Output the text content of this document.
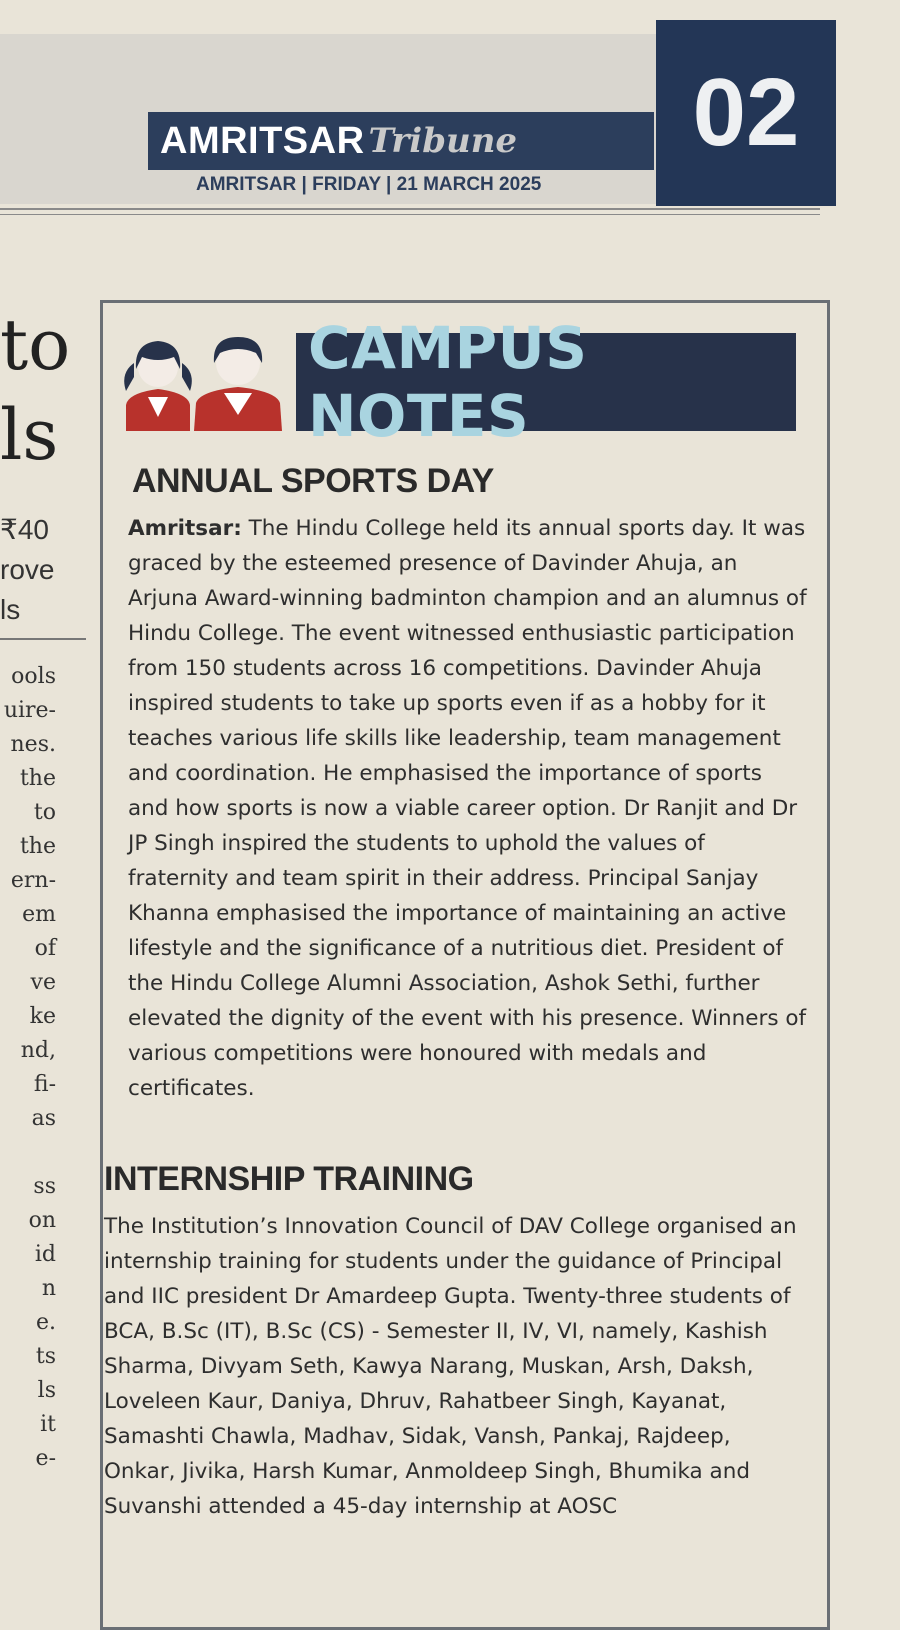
AMRITSAR Tribune
AMRITSAR | FRIDAY | 21 MARCH 2025
02
to
ls
₹40
rove
ls
ools
uire-
nes.
the
to
the
ern-
em
of
ve
ke
nd,
fi-
as
ss
on
id
n
e.
ts
ls
it
e-
CAMPUS NOTES
ANNUAL SPORTS DAY

Amritsar: The Hindu College held its annual sports day. It was graced by the esteemed presence of Davinder Ahuja, an Arjuna Award-winning badminton champion and an alumnus of Hindu College. The event witnessed enthusiastic participation from 150 students across 16 competitions. Davinder Ahuja inspired students to take up sports even if as a hobby for it teaches various life skills like leadership, team management and coordination. He emphasised the importance of sports and how sports is now a viable career option. Dr Ranjit and Dr JP Singh inspired the students to uphold the values of fraternity and team spirit in their address. Principal Sanjay Khanna emphasised the importance of maintaining an active lifestyle and the significance of a nutritious diet. President of the Hindu College Alumni Association, Ashok Sethi, further elevated the dignity of the event with his presence. Winners of various competitions were honoured with medals and certificates.

INTERNSHIP TRAINING

The Institution’s Innovation Council of DAV College organised an internship training for students under the guidance of Principal and IIC president Dr Amardeep Gupta. Twenty-three students of BCA, B.Sc (IT), B.Sc (CS) - Semester II, IV, VI, namely, Kashish Sharma, Divyam Seth, Kawya Narang, Muskan, Arsh, Daksh, Loveleen Kaur, Daniya, Dhruv, Rahatbeer Singh, Kayanat, Samashti Chawla, Madhav, Sidak, Vansh, Pankaj, Rajdeep, Onkar, Jivika, Harsh Kumar, Anmoldeep Singh, Bhumika and Suvanshi attended a 45-day internship at AOSC
